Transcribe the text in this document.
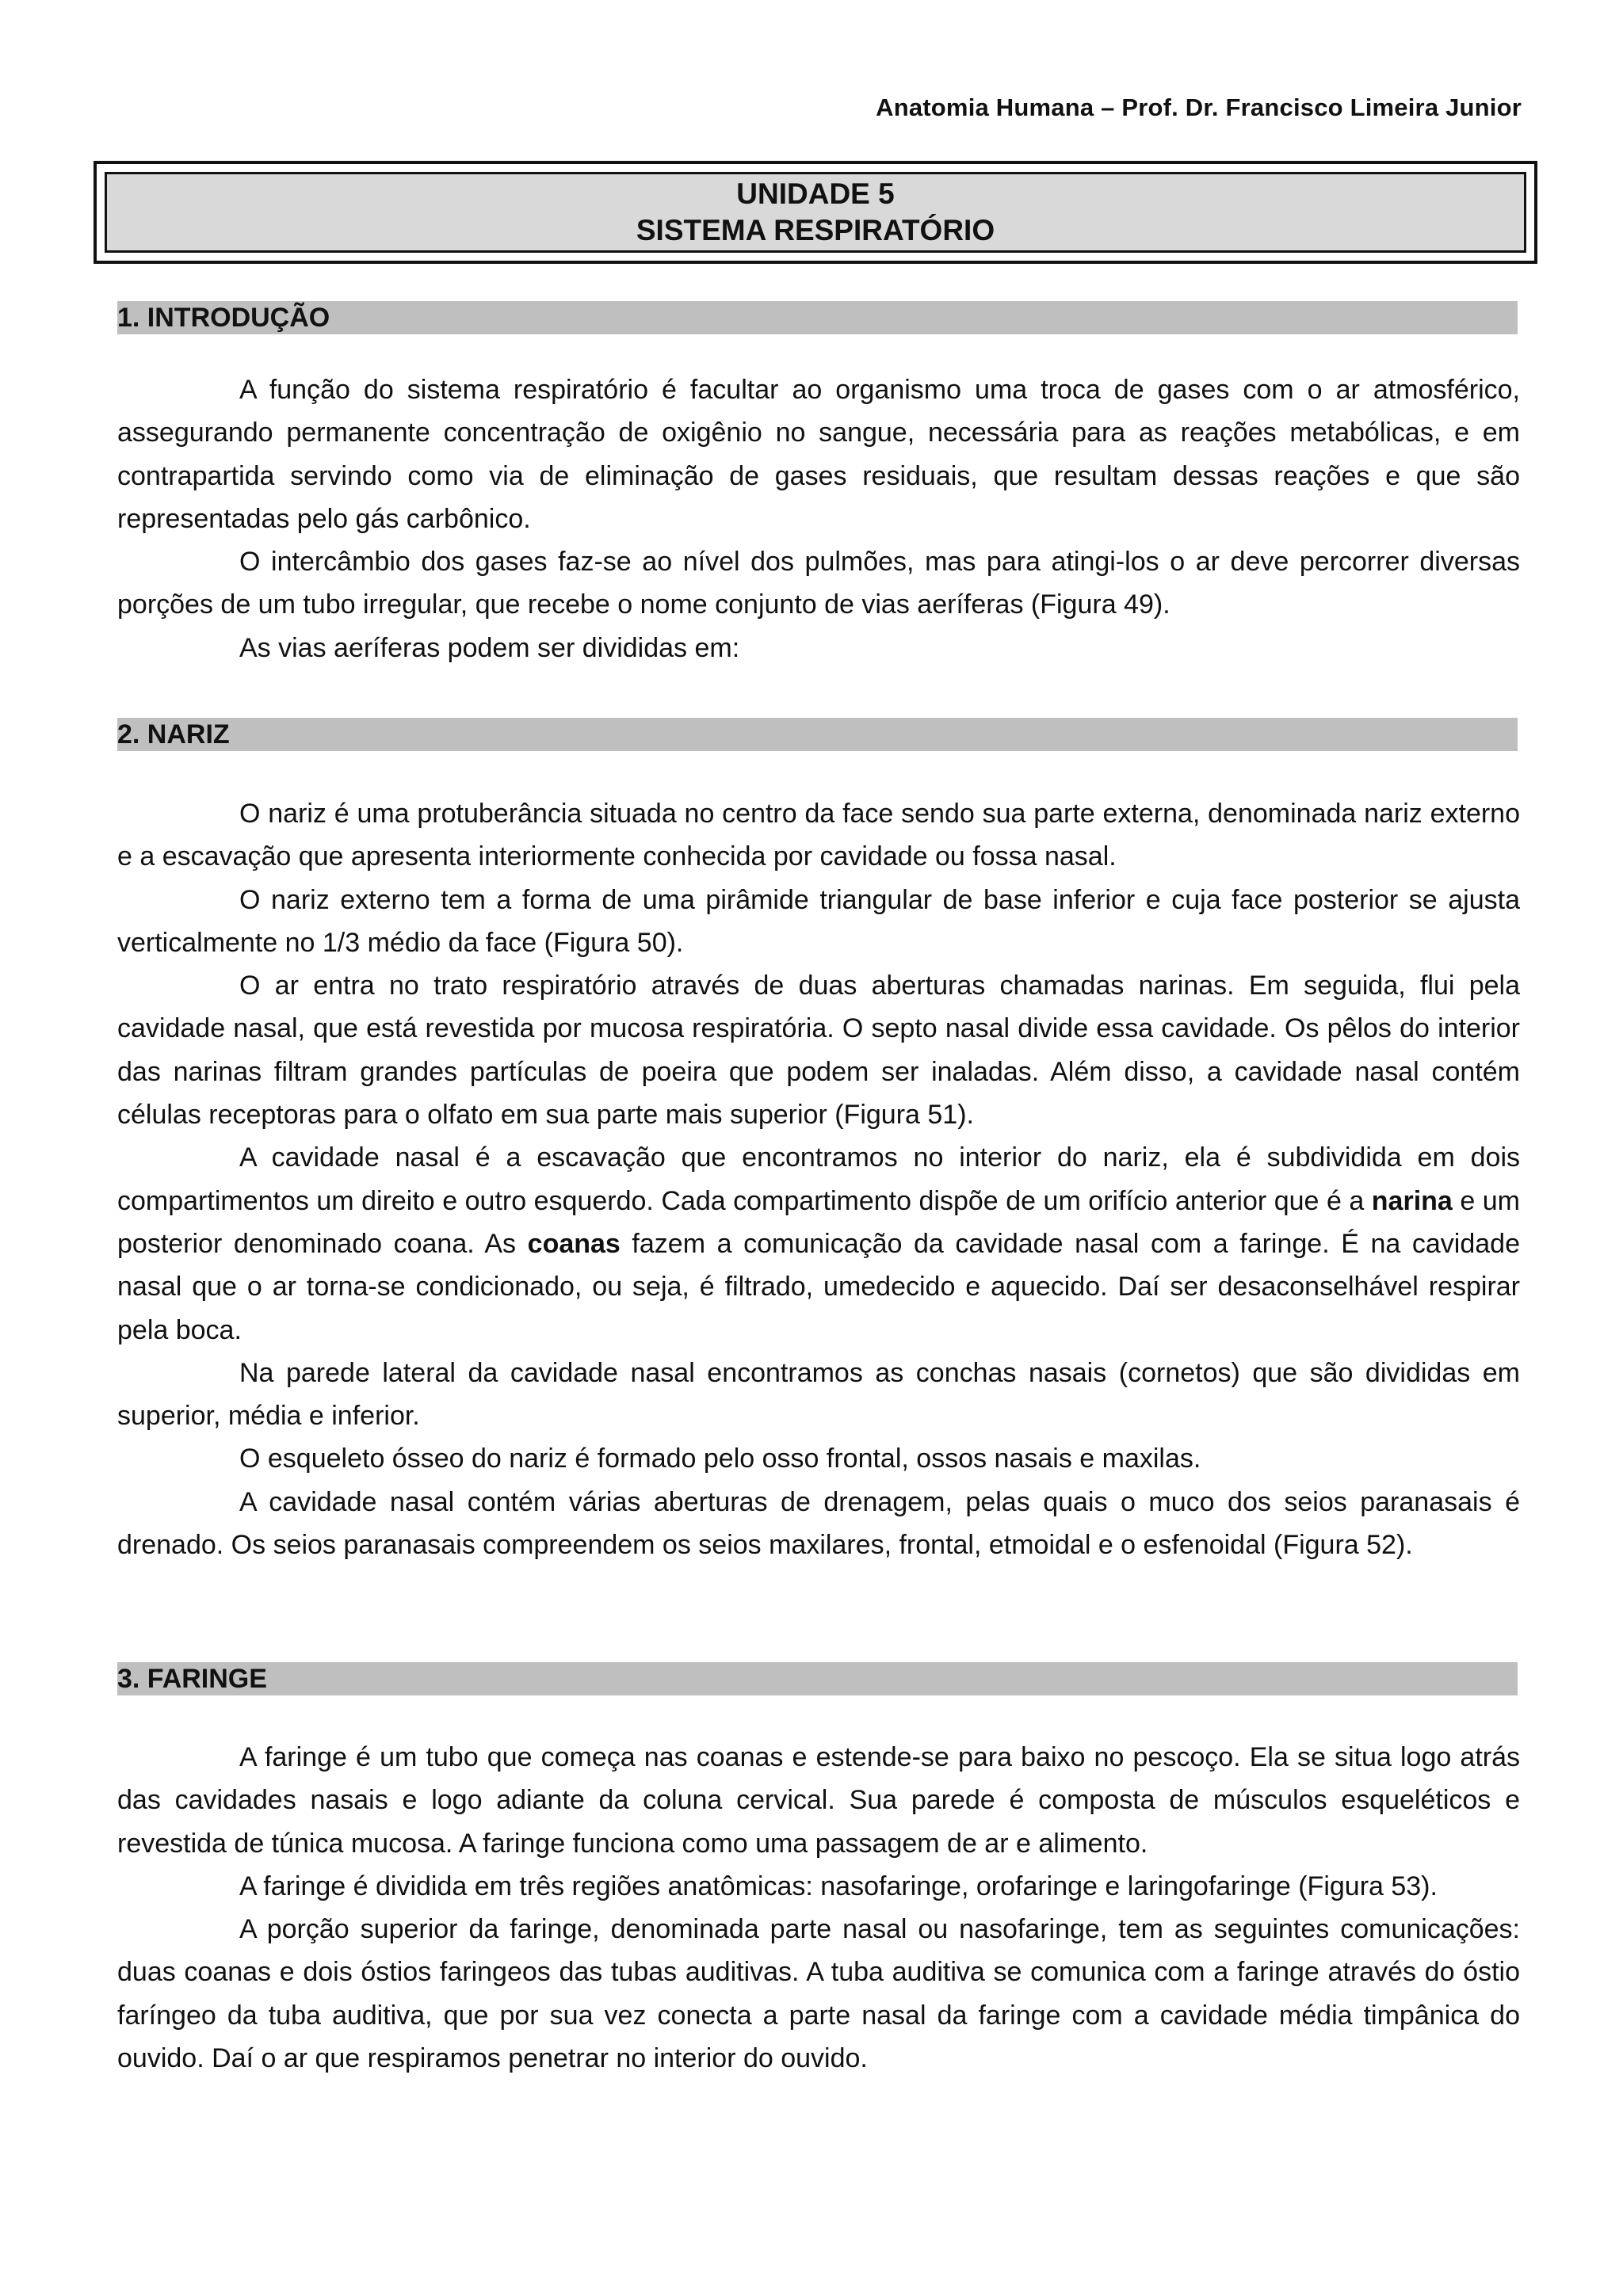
Anatomia Humana – Prof. Dr. Francisco Limeira Junior
UNIDADE 5
SISTEMA RESPIRATÓRIO
1. INTRODUÇÃO

A função do sistema respiratório é facultar ao organismo uma troca de gases com o ar atmosférico, assegurando permanente concentração de oxigênio no sangue, necessária para as reações metabólicas, e em contrapartida servindo como via de eliminação de gases residuais, que resultam dessas reações e que são representadas pelo gás carbônico.

O intercâmbio dos gases faz-se ao nível dos pulmões, mas para atingi-los o ar deve percorrer diversas porções de um tubo irregular, que recebe o nome conjunto de vias aeríferas (Figura 49).

As vias aeríferas podem ser divididas em:

2. NARIZ

O nariz é uma protuberância situada no centro da face sendo sua parte externa, denominada nariz externo e a escavação que apresenta interiormente conhecida por cavidade ou fossa nasal.

O nariz externo tem a forma de uma pirâmide triangular de base inferior e cuja face posterior se ajusta verticalmente no 1/3 médio da face (Figura 50).

O ar entra no trato respiratório através de duas aberturas chamadas narinas. Em seguida, flui pela cavidade nasal, que está revestida por mucosa respiratória. O septo nasal divide essa cavidade. Os pêlos do interior das narinas filtram grandes partículas de poeira que podem ser inaladas. Além disso, a cavidade nasal contém células receptoras para o olfato em sua parte mais superior (Figura 51).

A cavidade nasal é a escavação que encontramos no interior do nariz, ela é subdividida em dois compartimentos um direito e outro esquerdo. Cada compartimento dispõe de um orifício anterior que é a narina e um posterior denominado coana. As coanas fazem a comunicação da cavidade nasal com a faringe. É na cavidade nasal que o ar torna-se condicionado, ou seja, é filtrado, umedecido e aquecido. Daí ser desaconselhável respirar pela boca.

Na parede lateral da cavidade nasal encontramos as conchas nasais (cornetos) que são divididas em superior, média e inferior.

O esqueleto ósseo do nariz é formado pelo osso frontal, ossos nasais e maxilas.

A cavidade nasal contém várias aberturas de drenagem, pelas quais o muco dos seios paranasais é drenado. Os seios paranasais compreendem os seios maxilares, frontal, etmoidal e o esfenoidal (Figura 52).

3. FARINGE

A faringe é um tubo que começa nas coanas e estende-se para baixo no pescoço. Ela se situa logo atrás das cavidades nasais e logo adiante da coluna cervical. Sua parede é composta de músculos esqueléticos e revestida de túnica mucosa. A faringe funciona como uma passagem de ar e alimento.

A faringe é dividida em três regiões anatômicas: nasofaringe, orofaringe e laringofaringe (Figura 53).

A porção superior da faringe, denominada parte nasal ou nasofaringe, tem as seguintes comunicações: duas coanas e dois óstios faringeos das tubas auditivas. A tuba auditiva se comunica com a faringe através do óstio faríngeo da tuba auditiva, que por sua vez conecta a parte nasal da faringe com a cavidade média timpânica do ouvido. Daí o ar que respiramos penetrar no interior do ouvido.
